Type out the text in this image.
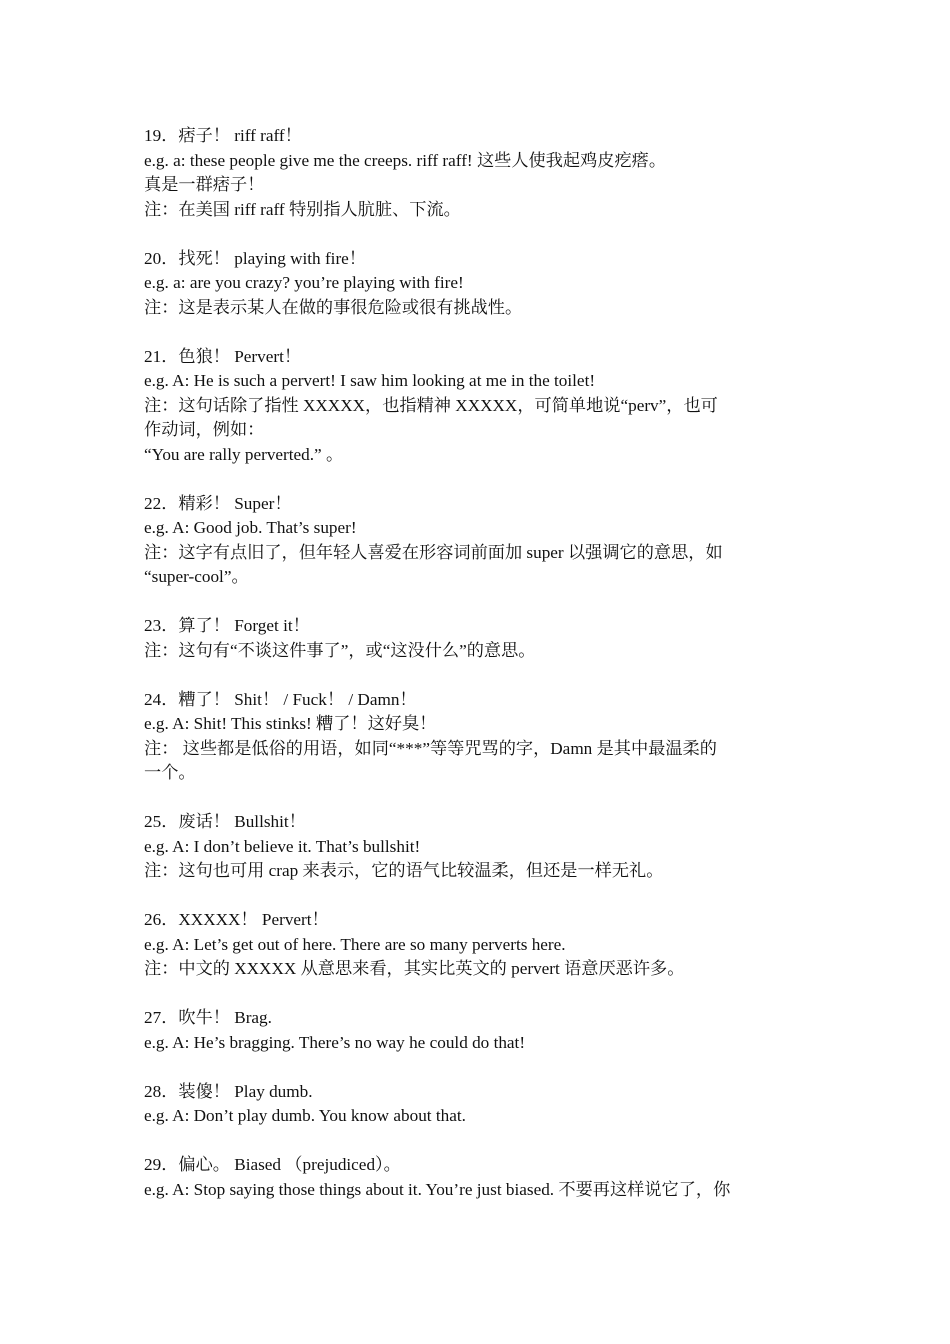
19．痞子！ riff raff！
e.g. a: these people give me the creeps. riff raff! 这些人使我起鸡皮疙瘩。
真是一群痞子！
注：在美国 riff raff 特别指人肮脏、下流。
20．找死！ playing with fire！
e.g. a: are you crazy? you’re playing with fire!
注：这是表示某人在做的事很危险或很有挑战性。
21．色狼！ Pervert！
e.g. A: He is such a pervert! I saw him looking at me in the toilet!
注：这句话除了指性 XXXXX，也指精神 XXXXX，可简单地说“perv”，也可
作动词，例如：
“You are rally perverted.” 。
22．精彩！ Super！
e.g. A: Good job. That’s super!
注：这字有点旧了，但年轻人喜爱在形容词前面加 super 以强调它的意思，如
“super-cool”。
23．算了！ Forget it！
注：这句有“不谈这件事了”，或“这没什么”的意思。
24．糟了！ Shit！ / Fuck！ / Damn！
e.g. A: Shit! This stinks! 糟了！这好臭！
注： 这些都是低俗的用语，如同“***”等等咒骂的字，Damn 是其中最温柔的
一个。
25．废话！ Bullshit！
e.g. A: I don’t believe it. That’s bullshit!
注：这句也可用 crap 来表示，它的语气比较温柔，但还是一样无礼。
26．XXXXX！ Pervert！
e.g. A: Let’s get out of here. There are so many perverts here.
注：中文的 XXXXX 从意思来看，其实比英文的 pervert 语意厌恶许多。
27．吹牛！ Brag.
e.g. A: He’s bragging. There’s no way he could do that!
28．装傻！ Play dumb.
e.g. A: Don’t play dumb. You know about that.
29．偏心。 Biased （prejudiced）。
e.g. A: Stop saying those things about it. You’re just biased. 不要再这样说它了，你
